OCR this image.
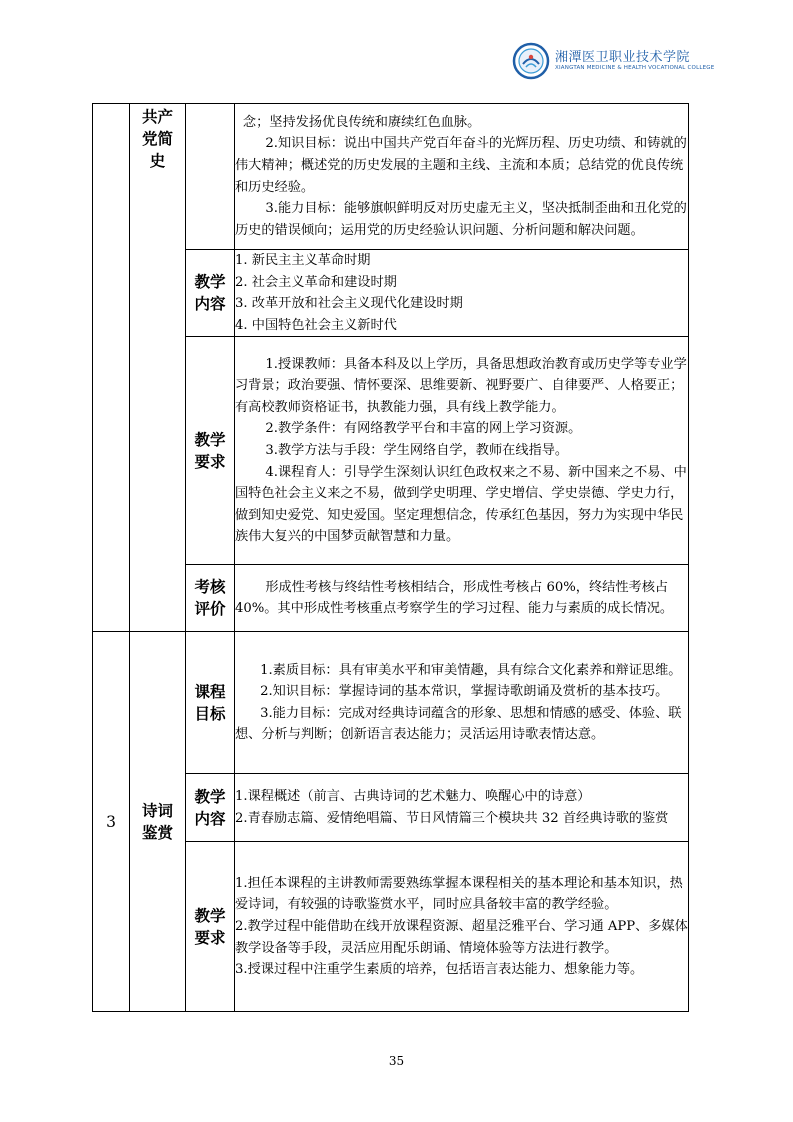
湘潭医卫职业技术学院
XIANGTAN MEDICINE & HEALTH VOCATIONAL COLLEGE

	共产党简史		念；坚持发扬优良传统和赓续红色血脉。

2.知识目标：说出中国共产党百年奋斗的光辉历程、历史功绩、和铸就的伟大精神；概述党的历史发展的主题和主线、主流和本质；总结党的优良传统和历史经验。

3.能力目标：能够旗帜鲜明反对历史虚无主义，坚决抵制歪曲和丑化党的历史的错误倾向；运用党的历史经验认识问题、分析问题和解决问题。

		教学内容	1. 新民主主义革命时期

2. 社会主义革命和建设时期

3. 改革开放和社会主义现代化建设时期

4. 中国特色社会主义新时代

		教学要求	1.授课教师：具备本科及以上学历，具备思想政治教育或历史学等专业学习背景；政治要强、情怀要深、思维要新、视野要广、自律要严、人格要正；有高校教师资格证书，执教能力强，具有线上教学能力。

2.教学条件：有网络教学平台和丰富的网上学习资源。

3.教学方法与手段：学生网络自学，教师在线指导。

4.课程育人：引导学生深刻认识红色政权来之不易、新中国来之不易、中国特色社会主义来之不易，做到学史明理、学史增信、学史崇德、学史力行，做到知史爱党、知史爱国。坚定理想信念，传承红色基因，努力为实现中华民族伟大复兴的中国梦贡献智慧和力量。

		考核评价	形成性考核与终结性考核相结合，形成性考核占 60%，终结性考核占 40%。其中形成性考核重点考察学生的学习过程、能力与素质的成长情况。

3	诗词鉴赏	课程目标	1.素质目标：具有审美水平和审美情趣，具有综合文化素养和辩证思维。

2.知识目标：掌握诗词的基本常识，掌握诗歌朗诵及赏析的基本技巧。

3.能力目标：完成对经典诗词蕴含的形象、思想和情感的感受、体验、联想、分析与判断；创新语言表达能力；灵活运用诗歌表情达意。

		教学内容	1.课程概述（前言、古典诗词的艺术魅力、唤醒心中的诗意）

2.青春励志篇、爱情绝唱篇、节日风情篇三个模块共 32 首经典诗歌的鉴赏

		教学要求	1.担任本课程的主讲教师需要熟练掌握本课程相关的基本理论和基本知识，热爱诗词，有较强的诗歌鉴赏水平，同时应具备较丰富的教学经验。

2.教学过程中能借助在线开放课程资源、超星泛雅平台、学习通 APP、多媒体教学设备等手段，灵活应用配乐朗诵、情境体验等方法进行教学。

3.授课过程中注重学生素质的培养，包括语言表达能力、想象能力等。

35
